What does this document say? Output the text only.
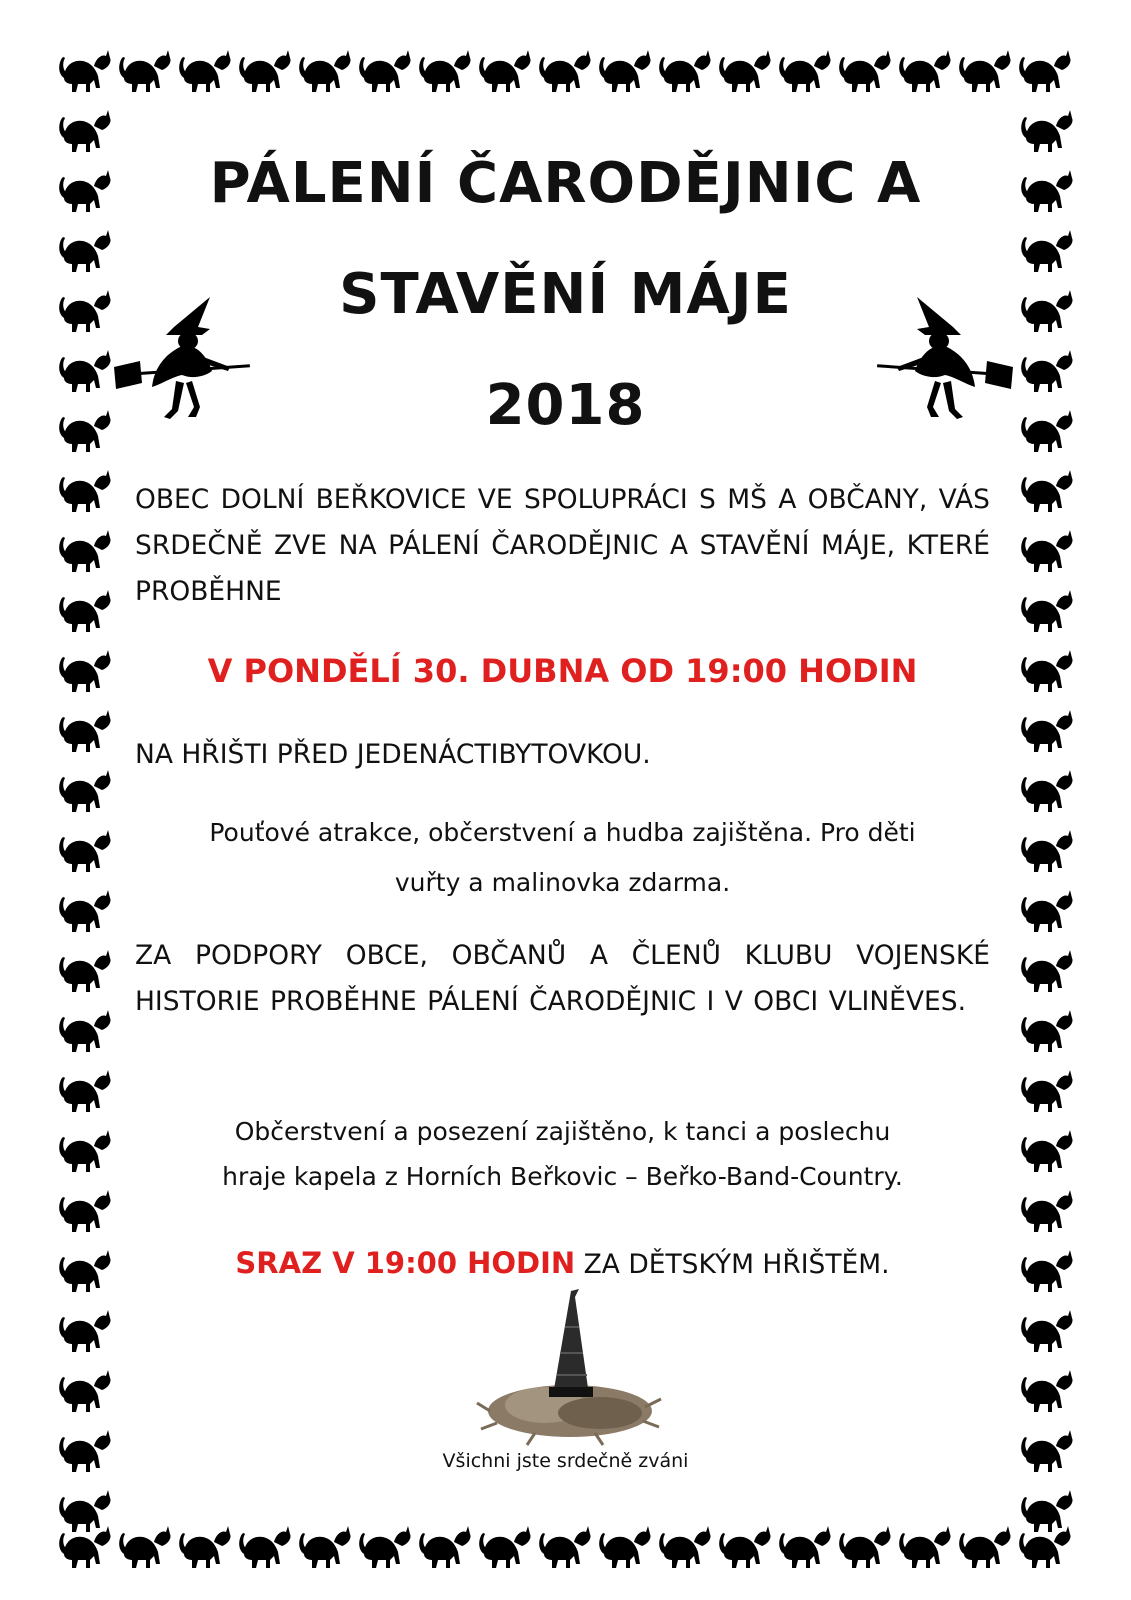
PÁLENÍ ČARODĚJNIC A
STAVĚNÍ MÁJE
2018

OBEC DOLNÍ BEŘKOVICE VE SPOLUPRÁCI S MŠ A OBČANY, VÁS SRDEČNĚ ZVE NA PÁLENÍ ČARODĚJNIC A STAVĚNÍ MÁJE, KTERÉ PROBĚHNE

V PONDĚLÍ 30. DUBNA OD 19:00 HODIN

NA HŘIŠTI PŘED JEDENÁCTIBYTOVKOU.

Pouťové atrakce, občerstvení a hudba zajištěna. Pro děti
vuřty a malinovka zdarma.

ZA PODPORY OBCE, OBČANŮ A ČLENŮ KLUBU VOJENSKÉ HISTORIE PROBĚHNE PÁLENÍ ČARODĚJNIC I V OBCI VLINĚVES.

Občerstvení a posezení zajištěno, k tanci a poslechu
hraje kapela z Horních Beřkovic – Beřko-Band-Country.

SRAZ V 19:00 HODIN ZA DĚTSKÝM HŘIŠTĚM.

Všichni jste srdečně zváni
